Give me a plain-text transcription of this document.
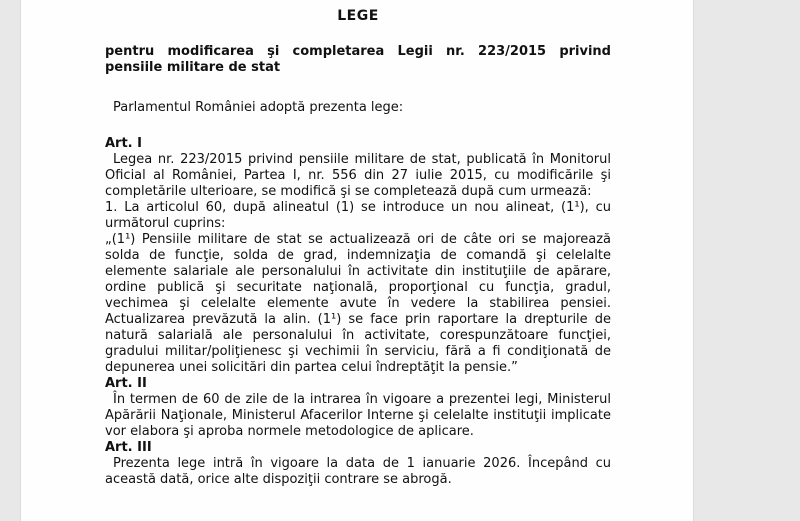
LEGE
pentru modificarea şi completarea Legii nr. 223/2015 privind pensiile militare de stat

Parlamentul României adoptă prezenta lege:

Art. I

Legea nr. 223/2015 privind pensiile militare de stat, publicată în Monitorul Oficial al României, Partea I, nr. 556 din 27 iulie 2015, cu modificările şi completările ulterioare, se modifică şi se completează după cum urmează:

1. La articolul 60, după alineatul (1) se introduce un nou alineat, (1¹), cu următorul cuprins:

„(1¹) Pensiile militare de stat se actualizează ori de câte ori se majorează solda de funcţie, solda de grad, indemnizaţia de comandă şi celelalte elemente salariale ale personalului în activitate din instituţiile de apărare, ordine publică şi securitate naţională, proporţional cu funcţia, gradul, vechimea şi celelalte elemente avute în vedere la stabilirea pensiei. Actualizarea prevăzută la alin. (1¹) se face prin raportare la drepturile de natură salarială ale personalului în activitate, corespunzătoare funcţiei, gradului militar/poliţienesc şi vechimii în serviciu, fără a fi condiţionată de depunerea unei solicitări din partea celui îndreptăţit la pensie.”

Art. II

În termen de 60 de zile de la intrarea în vigoare a prezentei legi, Ministerul Apărării Naţionale, Ministerul Afacerilor Interne şi celelalte instituţii implicate vor elabora şi aproba normele metodologice de aplicare.

Art. III

Prezenta lege intră în vigoare la data de 1 ianuarie 2026. Începând cu această dată, orice alte dispoziţii contrare se abrogă.
